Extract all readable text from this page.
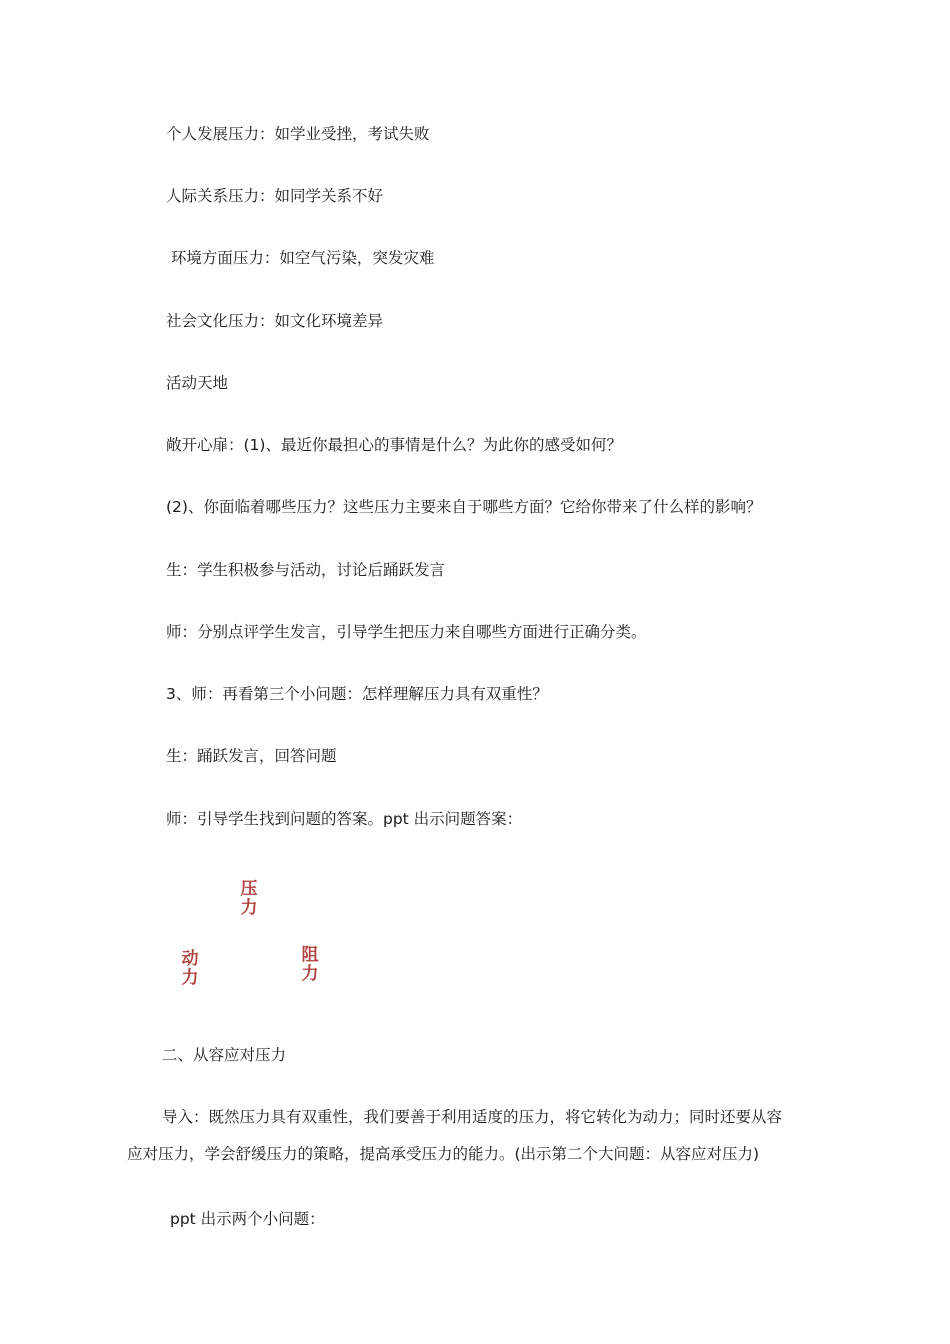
个人发展压力：如学业受挫，考试失败
人际关系压力：如同学关系不好
环境方面压力：如空气污染，突发灾难
社会文化压力：如文化环境差异
活动天地
敞开心扉：(1)、最近你最担心的事情是什么？为此你的感受如何？
(2)、你面临着哪些压力？这些压力主要来自于哪些方面？它给你带来了什么样的影响？
生：学生积极参与活动，讨论后踊跃发言
师：分别点评学生发言，引导学生把压力来自哪些方面进行正确分类。
3、师：再看第三个小问题：怎样理解压力具有双重性？
生：踊跃发言，回答问题
师：引导学生找到问题的答案。ppt 出示问题答案：
压力
动力
阻力
二、从容应对压力
导入：既然压力具有双重性，我们要善于利用适度的压力，将它转化为动力；同时还要从容
应对压力，学会舒缓压力的策略，提高承受压力的能力。(出示第二个大问题：从容应对压力)
ppt 出示两个小问题：
